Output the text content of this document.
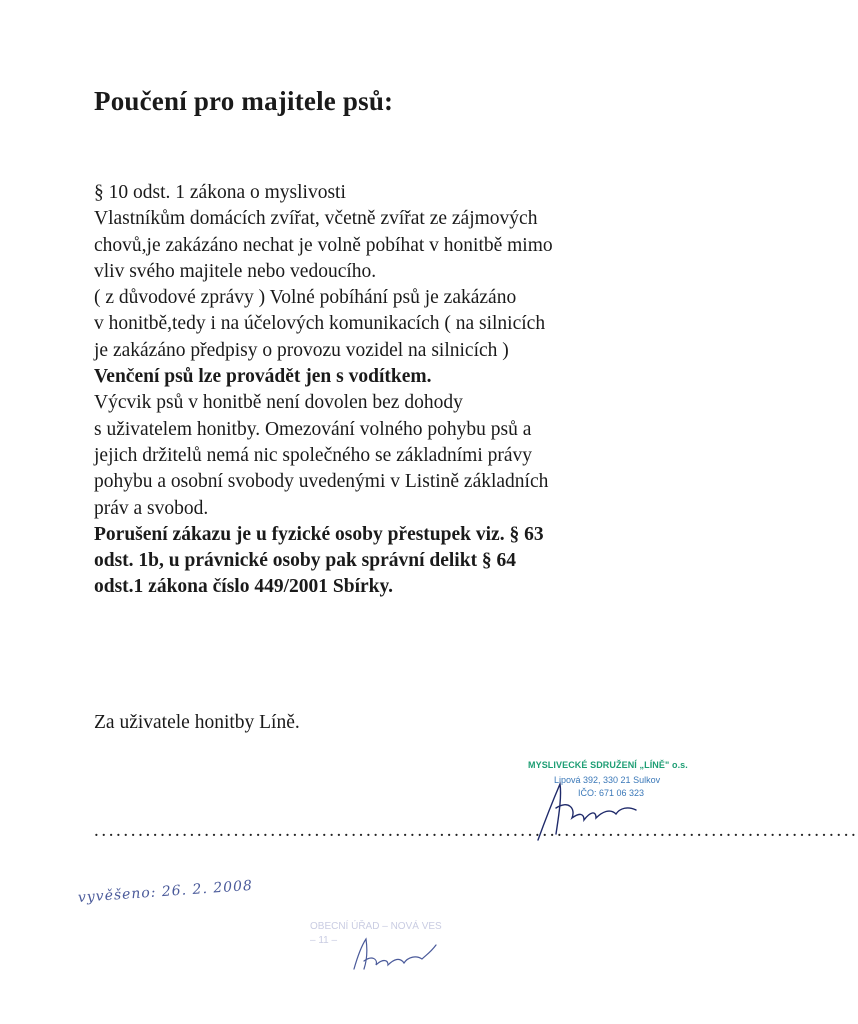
Poučení pro majitele psů:
§ 10 odst. 1 zákona o myslivosti
Vlastníkům domácích zvířat, včetně zvířat ze zájmových
chovů,je zakázáno nechat je volně pobíhat v honitbě mimo
vliv svého majitele nebo vedoucího.
( z důvodové zprávy ) Volné pobíhání psů je zakázáno
v honitbě,tedy i na účelových komunikacích ( na silnicích
je zakázáno předpisy o provozu vozidel na silnicích )
Venčení psů lze provádět jen s vodítkem.
Výcvik psů v honitbě není dovolen bez dohody
s uživatelem honitby. Omezování volného pohybu psů a
jejich držitelů nemá nic společného se základními právy
pohybu a osobní svobody uvedenými v Listině základních
práv a svobod.
Porušení zákazu je u fyzické osoby přestupek viz. § 63
odst. 1b, u právnické osoby pak správní delikt § 64
odst.1 zákona číslo 449/2001 Sbírky.
Za uživatele honitby Líně.
MYSLIVECKÉ SDRUŽENÍ „LÍNĚ" o.s.
Lipová 392, 330 21 Sulkov
IČO: 671 06 323
........................................................................................................
vyvěšeno: 26. 2. 2008
OBECNÍ ÚŘAD – NOVÁ VES
– 11 –
